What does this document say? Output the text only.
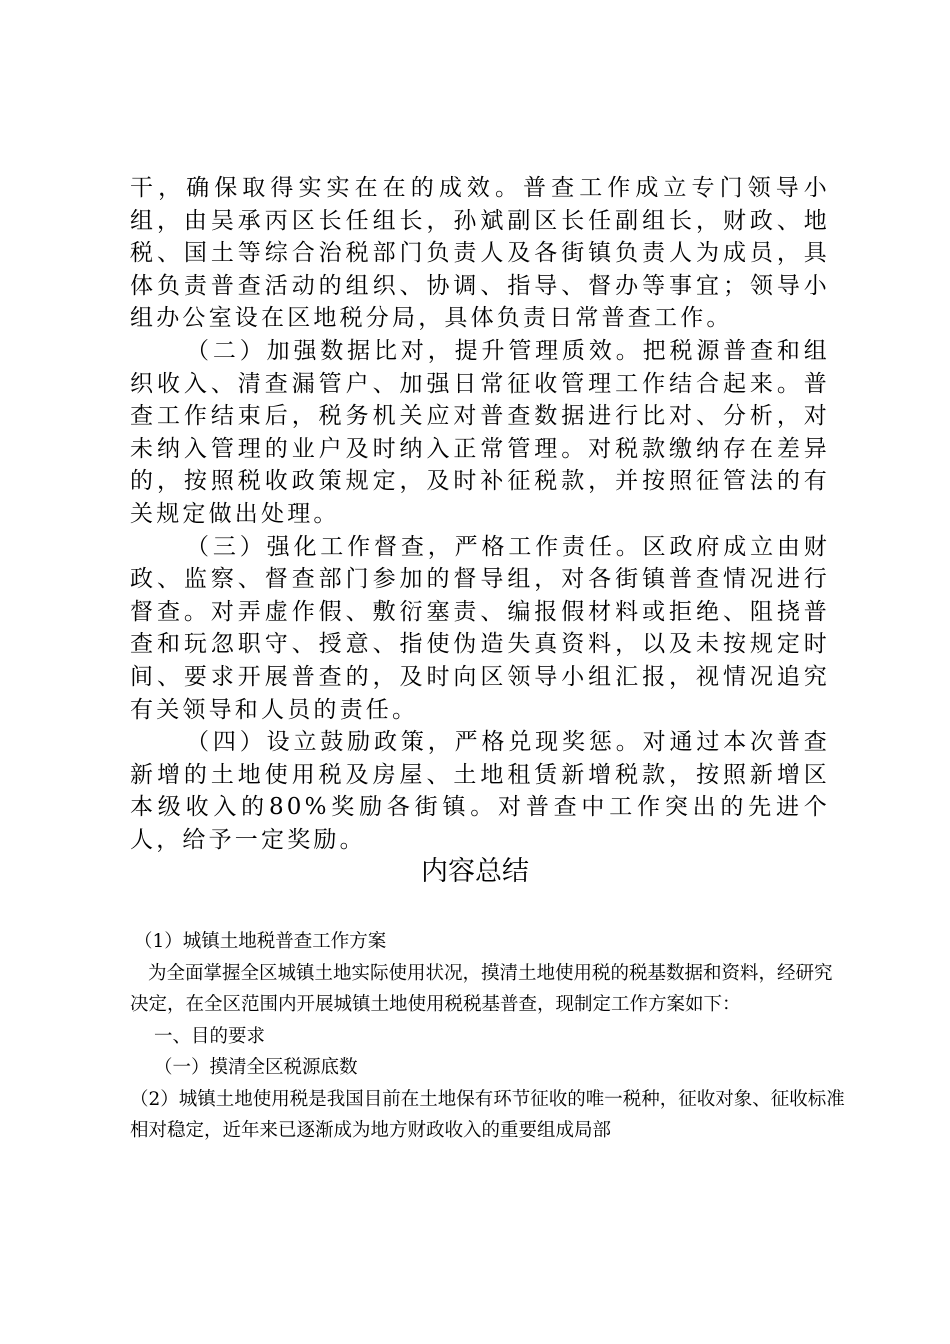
干，确保取得实实在在的成效。普查工作成立专门领导小组，由吴承丙区长任组长，孙斌副区长任副组长，财政、地税、国土等综合治税部门负责人及各街镇负责人为成员，具体负责普查活动的组织、协调、指导、督办等事宜；领导小组办公室设在区地税分局，具体负责日常普查工作。

（二）加强数据比对，提升管理质效。把税源普查和组织收入、清查漏管户、加强日常征收管理工作结合起来。普查工作结束后，税务机关应对普查数据进行比对、分析，对未纳入管理的业户及时纳入正常管理。对税款缴纳存在差异的，按照税收政策规定，及时补征税款，并按照征管法的有关规定做出处理。

（三）强化工作督查，严格工作责任。区政府成立由财政、监察、督查部门参加的督导组，对各街镇普查情况进行督查。对弄虚作假、敷衍塞责、编报假材料或拒绝、阻挠普查和玩忽职守、授意、指使伪造失真资料，以及未按规定时间、要求开展普查的，及时向区领导小组汇报，视情况追究有关领导和人员的责任。

（四）设立鼓励政策，严格兑现奖惩。对通过本次普查新增的土地使用税及房屋、土地租赁新增税款，按照新增区本级收入的80%奖励各街镇。对普查中工作突出的先进个人，给予一定奖励。

内容总结

（1）城镇土地税普查工作方案

为全面掌握全区城镇土地实际使用状况，摸清土地使用税的税基数据和资料，经研究决定，在全区范围内开展城镇土地使用税税基普查，现制定工作方案如下：

一、目的要求

（一）摸清全区税源底数

（2）城镇土地使用税是我国目前在土地保有环节征收的唯一税种，征收对象、征收标准相对稳定，近年来已逐渐成为地方财政收入的重要组成局部
